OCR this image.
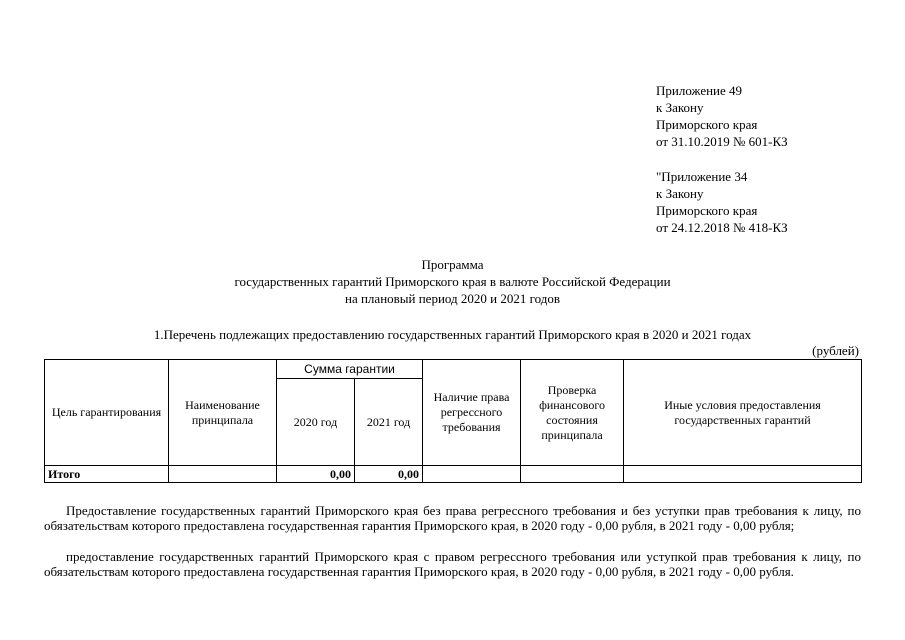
Приложение 49
к Закону
Приморского края
от 31.10.2019 № 601-КЗ
"Приложение 34
к Закону
Приморского края
от 24.12.2018 № 418-КЗ
Программа
государственных гарантий Приморского края в валюте Российской Федерации
на плановый период 2020 и 2021 годов
1.Перечень подлежащих предоставлению государственных гарантий Приморского края в 2020 и 2021 годах
(рублей)
Цель гарантирования	Наименование принципала	Сумма гарантии		Наличие права регрессного требования	Проверка финансового состояния принципала	Иные условия предоставления государственных гарантий
		2020 год	2021 год			
Итого		0,00	0,00			
Предоставление государственных гарантий Приморского края без права регрессного требования и без уступки прав требования к лицу, по обязательствам которого предоставлена государственная гарантия Приморского края, в 2020 году - 0,00 рубля, в 2021 году - 0,00 рубля;
предоставление государственных гарантий Приморского края с правом регрессного требования или уступкой прав требования к лицу, по обязательствам которого предоставлена государственная гарантия Приморского края, в 2020 году - 0,00 рубля, в 2021 году - 0,00 рубля.
